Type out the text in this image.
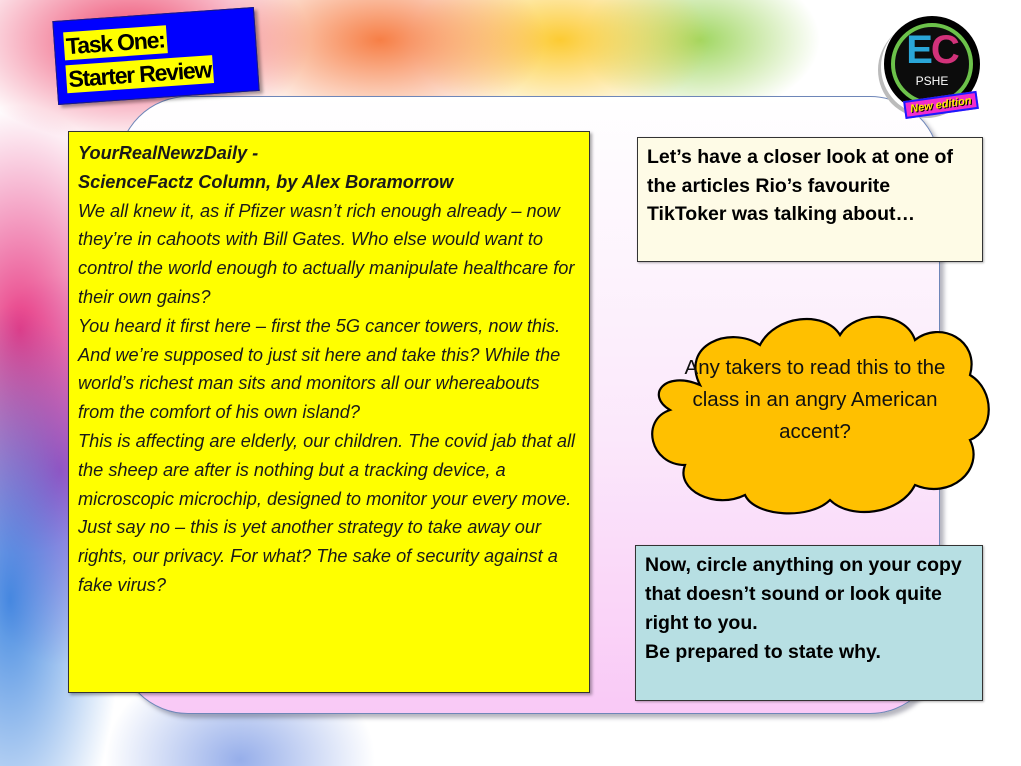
Task One:
Starter Review
EC
PSHE
New edition

YourRealNewzDaily -

ScienceFactz Column, by Alex Boramorrow

We all knew it, as if Pfizer wasn’t rich enough already – now they’re in cahoots with Bill Gates. Who else would want to control the world enough to actually manipulate healthcare for their own gains?

You heard it first here – first the 5G cancer towers, now this. And we’re supposed to just sit here and take this? While the world’s richest man sits and monitors all our whereabouts from the comfort of his own island?

This is affecting are elderly, our children. The covid jab that all the sheep are after is nothing but a tracking device, a microscopic microchip, designed to monitor your every move. Just say no – this is yet another strategy to take away our rights, our privacy. For what? The sake of security against a fake virus?

Let’s have a closer look at one of the articles Rio’s favourite TikToker was talking about…
Any takers to read this to the class in an angry American accent?

Now, circle anything on your copy that doesn’t sound or look quite right to you.

Be prepared to state why.
